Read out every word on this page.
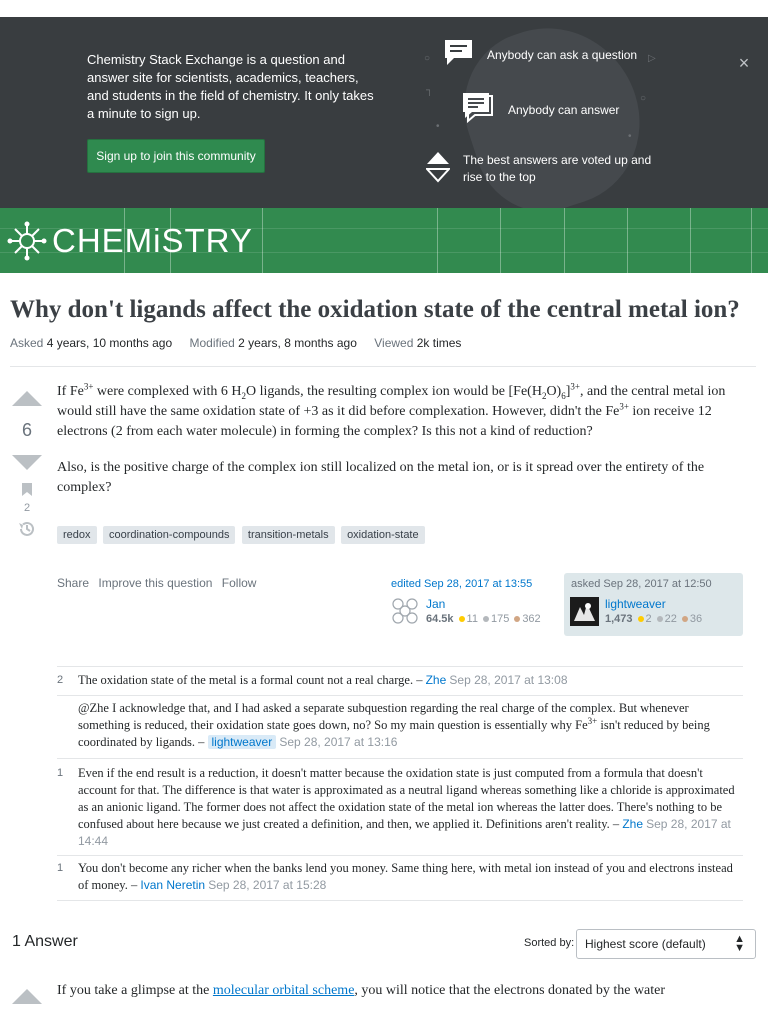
○
┐
•
▷
○
•
Chemistry Stack Exchange is a question and answer site for scientists, academics, teachers, and students in the field of chemistry. It only takes a minute to sign up.
Sign up to join this community
×
Anybody can ask a question
Anybody can answer
The best answers are voted up and rise to the top
CHEMiSTRY
Why don't ligands affect the oxidation state of the central metal ion?
Asked 4 years, 10 months ago Modified 2 years, 8 months ago Viewed 2k times
6
2

If $Fe^{3+}$ were complexed with 6 $H_2O$ ligands, the resulting complex ion would be $[Fe(H_2O)_6]^{3+}$, and the central metal ion would still have the same oxidation state of +3 as it did before complexation. However, didn't the $Fe^{3+}$ ion receive 12 electrons (2 from each water molecule) in forming the complex? Is this not a kind of reduction?

Also, is the positive charge of the complex ion still localized on the metal ion, or is it spread over the entirety of the complex?

redox coordination-compounds transition-metals oxidation-state
Share Improve this question Follow	edited Sep 28, 2017 at 13:55
Jan
64.5k 11 175 362
asked Sep 28, 2017 at 12:50
lightweaver
1,473 2 22 36
2	The oxidation state of the metal is a formal count not a real charge. – Zhe Sep 28, 2017 at 13:08
@Zhe I acknowledge that, and I had asked a separate subquestion regarding the real charge of the complex. But whenever something is reduced, their oxidation state goes down, no? So my main question is essentially why $Fe^{3+}$ isn't reduced by being coordinated by ligands. – lightweaver Sep 28, 2017 at 13:16
1	Even if the end result is a reduction, it doesn't matter because the oxidation state is just computed from a formula that doesn't account for that. The difference is that water is approximated as a neutral ligand whereas something like a chloride is approximated as an anionic ligand. The former does not affect the oxidation state of the metal ion whereas the latter does. There's nothing to be confused about here because we just created a definition, and then, we applied it. Definitions aren't reality. – Zhe Sep 28, 2017 at 14:44
1	You don't become any richer when the banks lend you money. Same thing here, with metal ion instead of you and electrons instead of money. – Ivan Neretin Sep 28, 2017 at 15:28
1 Answer	Sorted by: Highest score (default)	▲
▼
If you take a glimpse at the molecular orbital scheme, you will notice that the electrons donated by the water
